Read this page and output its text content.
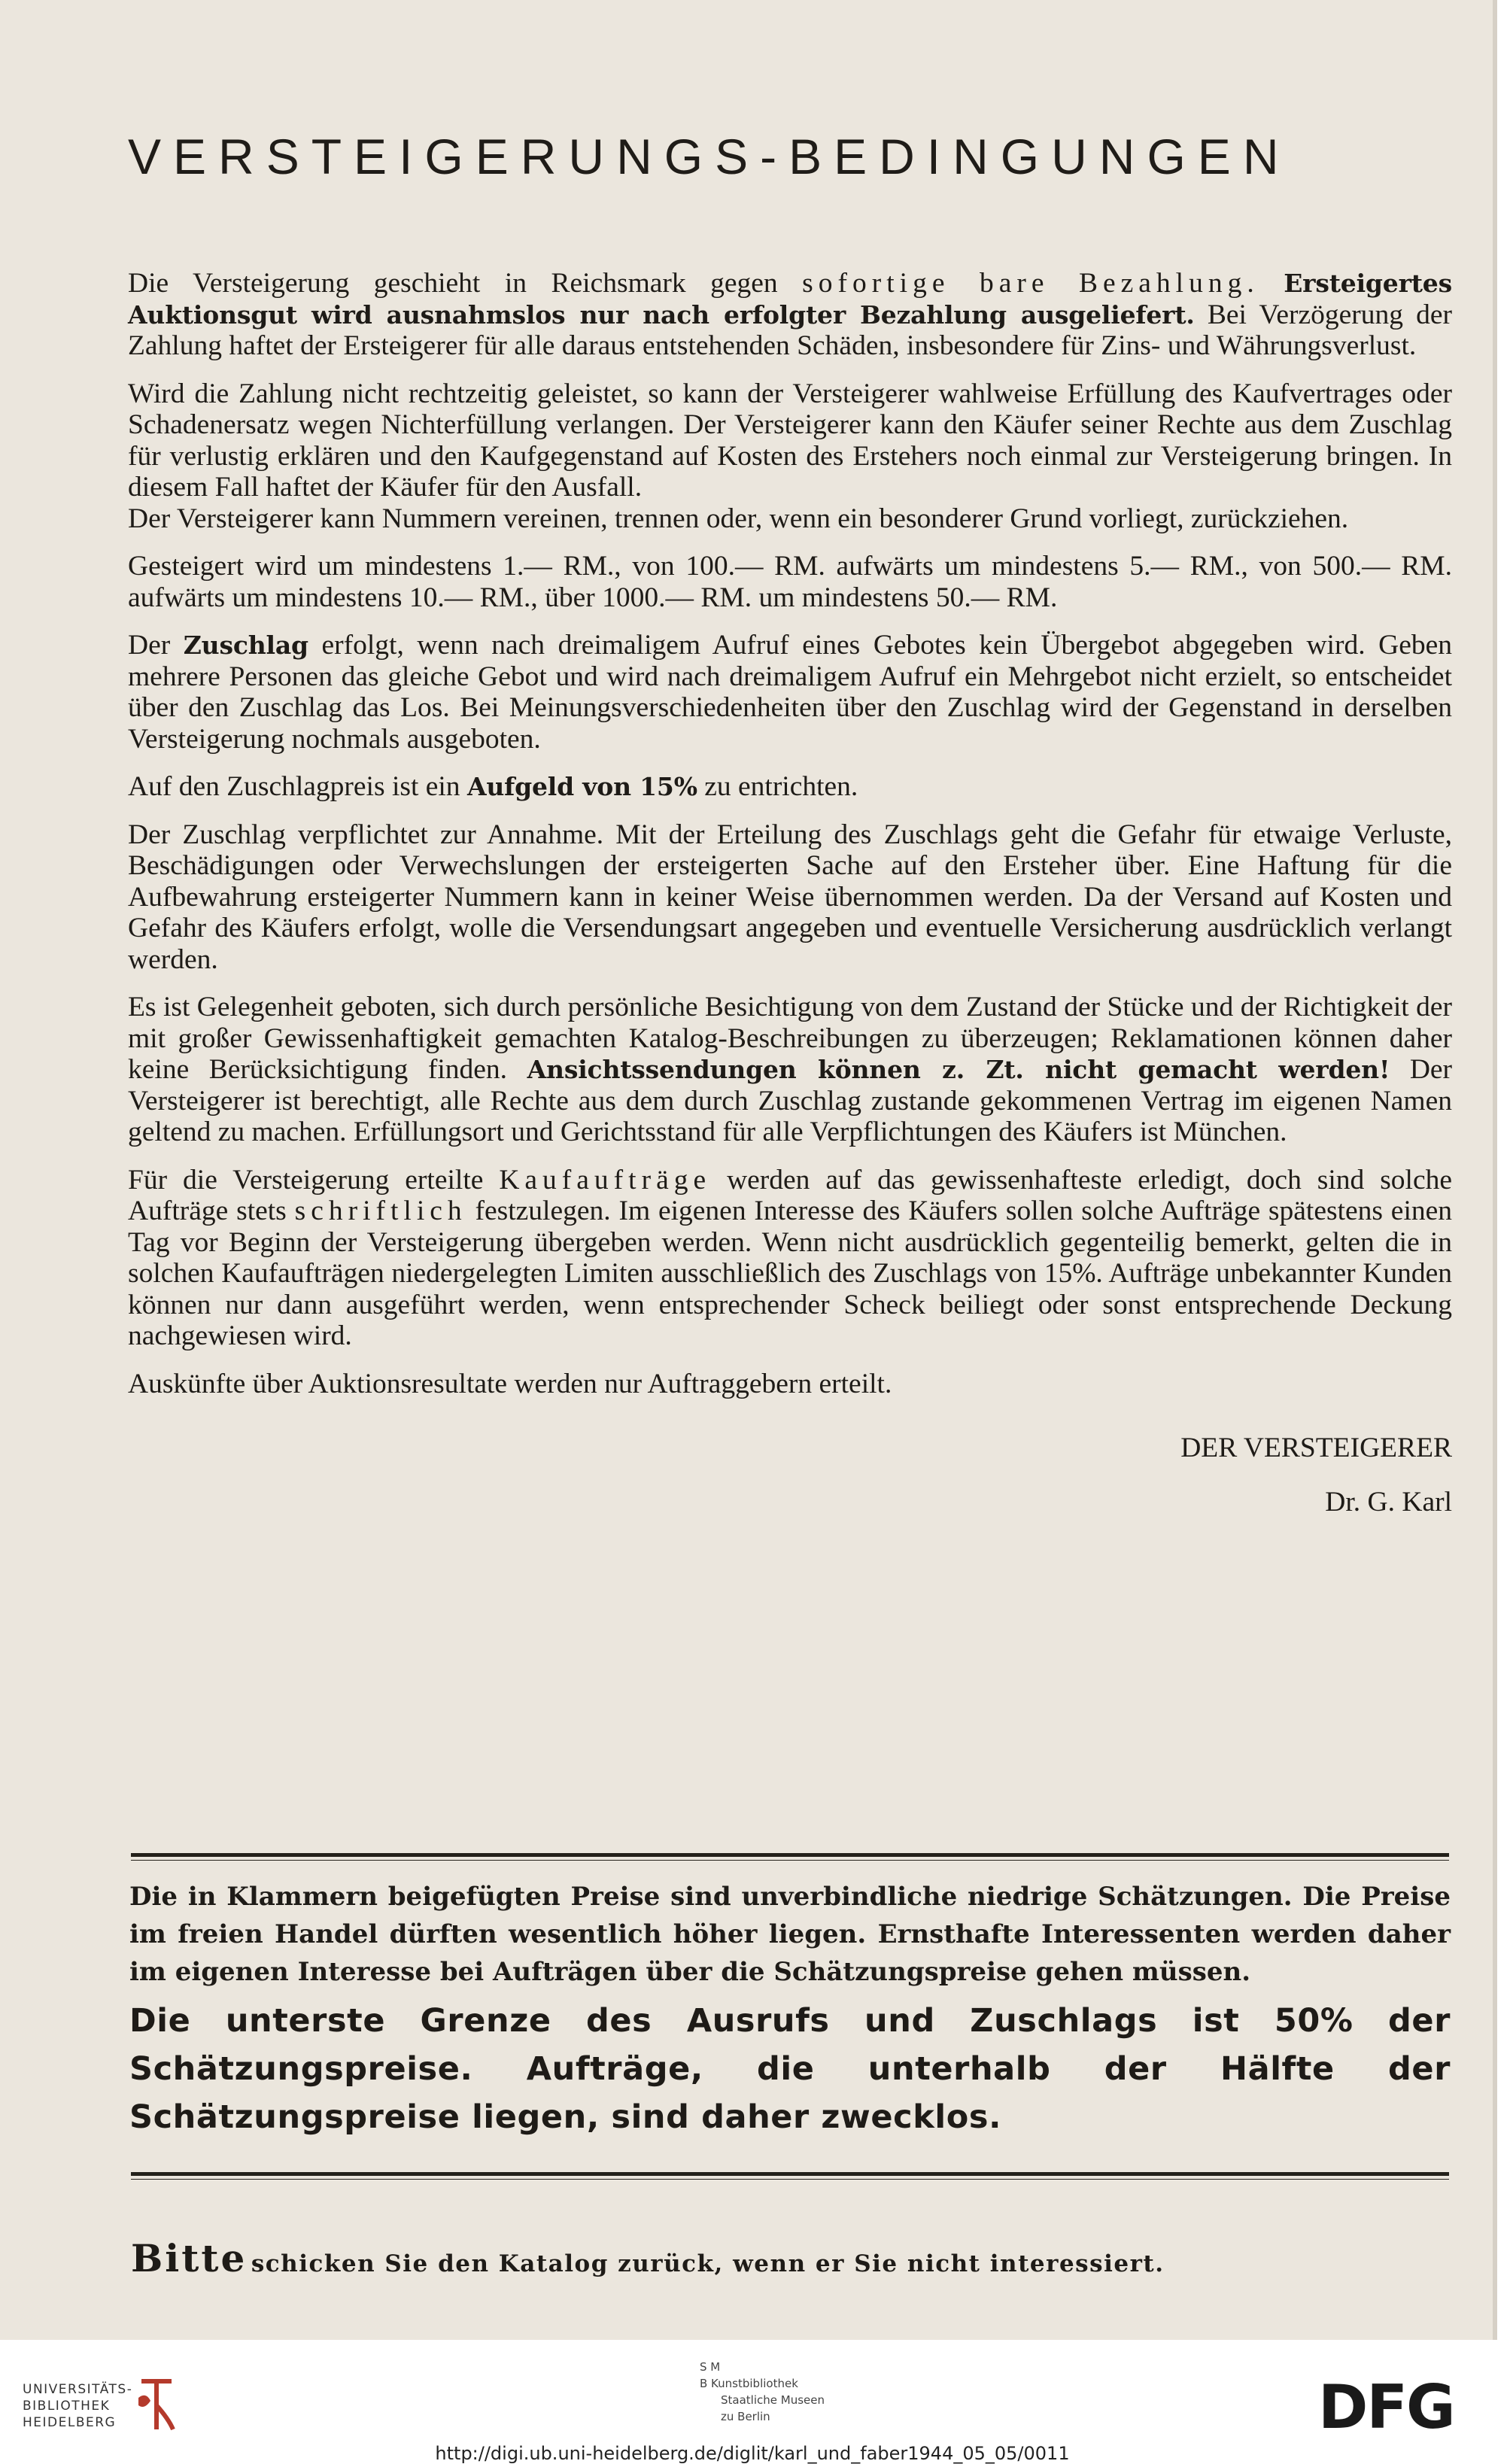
VERSTEIGERUNGS-BEDINGUNGEN

Die Versteigerung geschieht in Reichsmark gegen sofortige bare Bezahlung. Ersteigertes Auktionsgut wird ausnahmslos nur nach erfolgter Bezahlung ausgeliefert. Bei Verzögerung der Zahlung haftet der Ersteigerer für alle daraus entstehenden Schäden, insbesondere für Zins- und Währungsverlust.

Wird die Zahlung nicht rechtzeitig geleistet, so kann der Versteigerer wahlweise Erfüllung des Kaufvertrages oder Schadenersatz wegen Nichterfüllung verlangen. Der Versteigerer kann den Käufer seiner Rechte aus dem Zuschlag für verlustig erklären und den Kaufgegenstand auf Kosten des Erstehers noch einmal zur Versteigerung bringen. In diesem Fall haftet der Käufer für den Ausfall.

Der Versteigerer kann Nummern vereinen, trennen oder, wenn ein besonderer Grund vorliegt, zurückziehen.

Gesteigert wird um mindestens 1.— RM., von 100.— RM. aufwärts um mindestens 5.— RM., von 500.— RM. aufwärts um mindestens 10.— RM., über 1000.— RM. um mindestens 50.— RM.

Der Zuschlag erfolgt, wenn nach dreimaligem Aufruf eines Gebotes kein Übergebot abgegeben wird. Geben mehrere Personen das gleiche Gebot und wird nach dreimaligem Aufruf ein Mehrgebot nicht erzielt, so entscheidet über den Zuschlag das Los. Bei Meinungsverschiedenheiten über den Zuschlag wird der Gegenstand in derselben Versteigerung nochmals ausgeboten.

Auf den Zuschlagpreis ist ein Aufgeld von 15% zu entrichten.

Der Zuschlag verpflichtet zur Annahme. Mit der Erteilung des Zuschlags geht die Gefahr für etwaige Verluste, Beschädigungen oder Verwechslungen der ersteigerten Sache auf den Ersteher über. Eine Haftung für die Aufbewahrung ersteigerter Nummern kann in keiner Weise übernommen werden. Da der Versand auf Kosten und Gefahr des Käufers erfolgt, wolle die Versendungsart angegeben und eventuelle Versicherung ausdrücklich verlangt werden.

Es ist Gelegenheit geboten, sich durch persönliche Besichtigung von dem Zustand der Stücke und der Richtigkeit der mit großer Gewissenhaftigkeit gemachten Katalog-Beschreibungen zu überzeugen; Reklamationen können daher keine Berücksichtigung finden. Ansichtssendungen können z. Zt. nicht gemacht werden! Der Versteigerer ist berechtigt, alle Rechte aus dem durch Zuschlag zustande gekommenen Vertrag im eigenen Namen geltend zu machen. Erfüllungsort und Gerichtsstand für alle Verpflichtungen des Käufers ist München.

Für die Versteigerung erteilte Kaufaufträge werden auf das gewissenhafteste erledigt, doch sind solche Aufträge stets schriftlich festzulegen. Im eigenen Interesse des Käufers sollen solche Aufträge spätestens einen Tag vor Beginn der Versteigerung übergeben werden. Wenn nicht ausdrücklich gegenteilig bemerkt, gelten die in solchen Kaufaufträgen niedergelegten Limiten ausschließlich des Zuschlags von 15%. Aufträge unbekannter Kunden können nur dann ausgeführt werden, wenn entsprechender Scheck beiliegt oder sonst entsprechende Deckung nachgewiesen wird.

Auskünfte über Auktionsresultate werden nur Auftraggebern erteilt.

DER VERSTEIGERER
Dr. G. Karl
Die in Klammern beigefügten Preise sind unverbindliche niedrige Schätzungen. Die Preise im freien Handel dürften wesentlich höher liegen. Ernsthafte Interessenten werden daher im eigenen Interesse bei Aufträgen über die Schätzungspreise gehen müssen.
Die unterste Grenze des Ausrufs und Zuschlags ist 50% der Schätzungspreise. Aufträge, die unterhalb der Hälfte der Schätzungspreise liegen, sind daher zwecklos.
Bitte schicken Sie den Katalog zurück, wenn er Sie nicht interessiert.
UNIVERSITÄTS-
BIBLIOTHEK
HEIDELBERG
S M
B Kunstbibliothek
Staatliche Museen
zu Berlin	DFG
http://digi.ub.uni-heidelberg.de/diglit/karl_und_faber1944_05_05/0011
